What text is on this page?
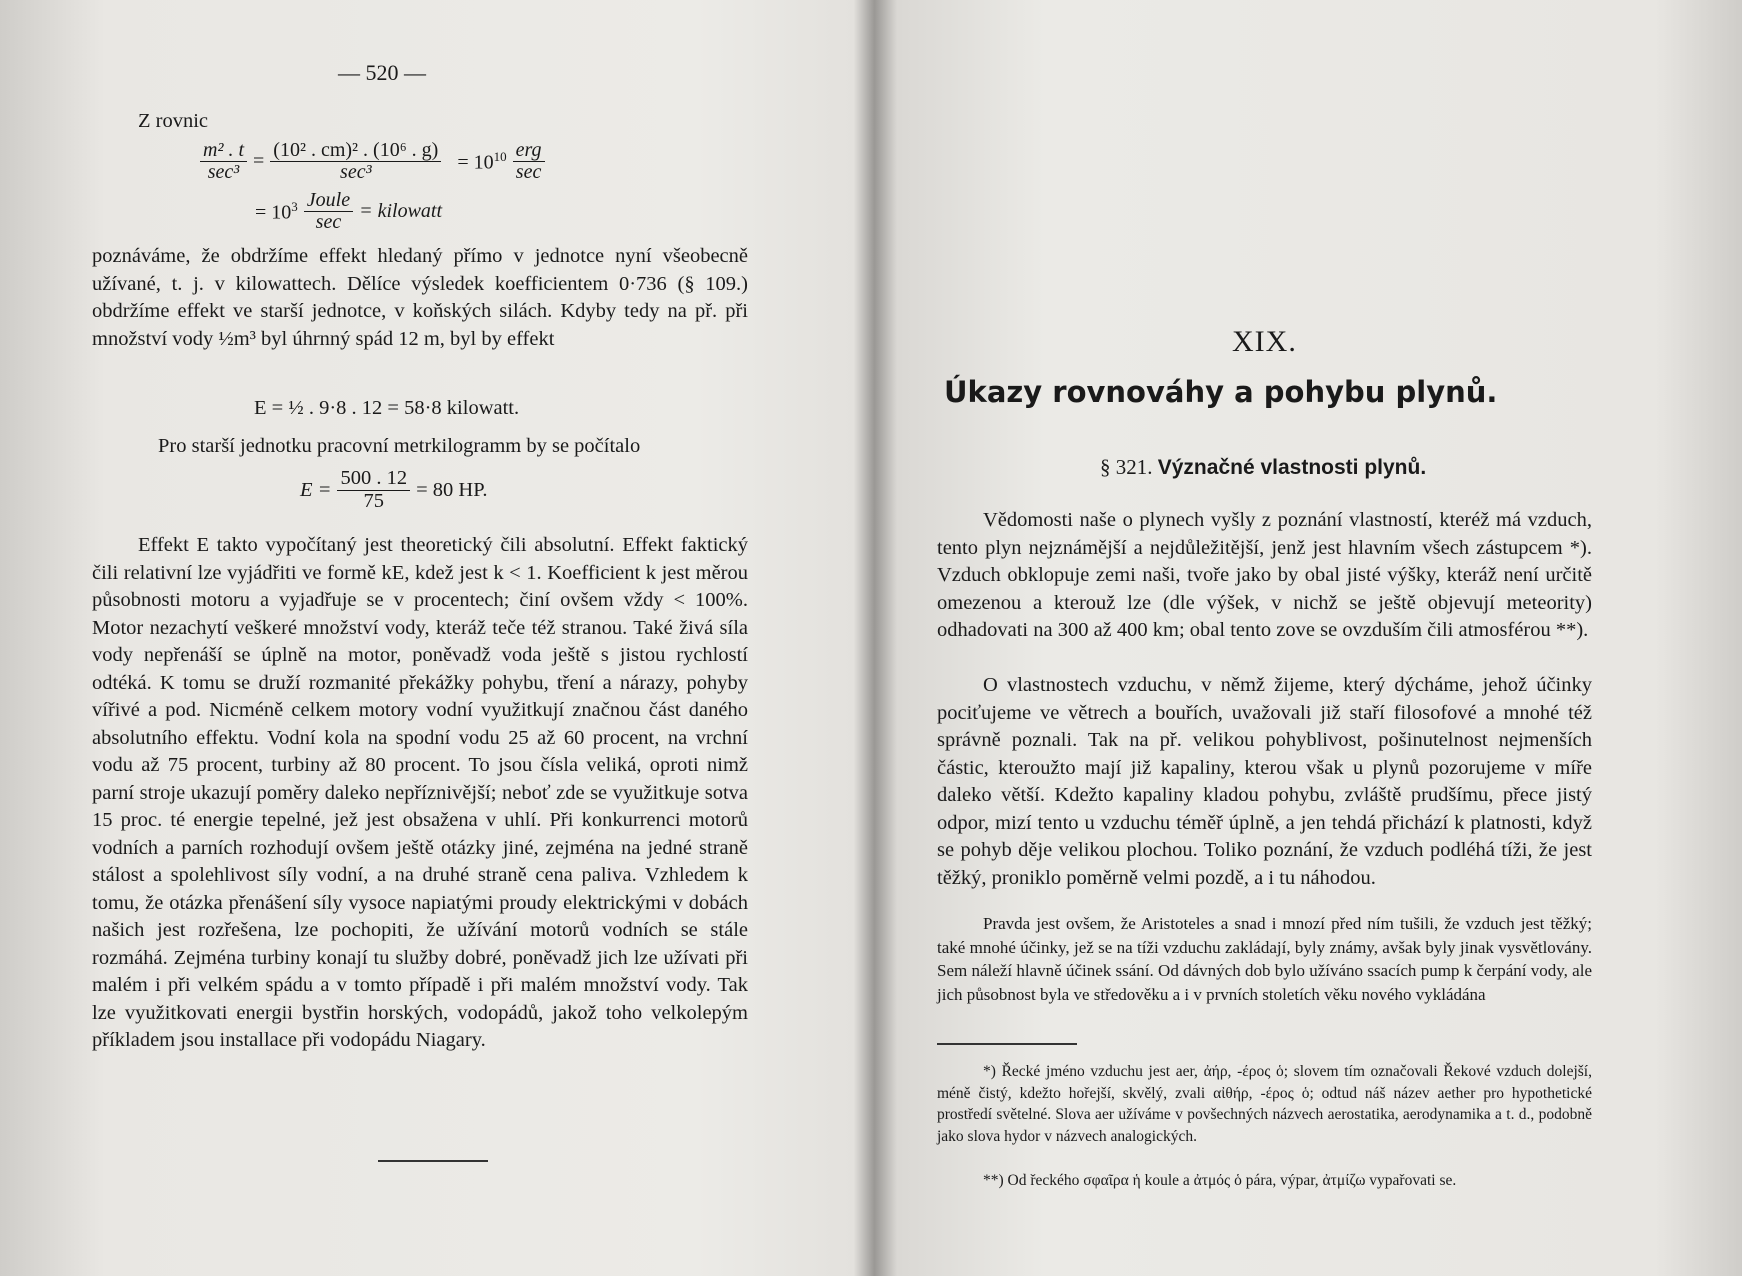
— 520 —
Z rovnic
$\frac{\text{m² . t}}{\text{sec³}} = \frac{\text{(10² . cm)² . (10⁶ . g)}}{\text{sec³}} = 10^{10} \frac{\text{erg}}{\sec}$
= $10^3 \frac{\text{Joule}}{\sec}$ = kilowatt
poznáváme, že obdržíme effekt hledaný přímo v jednotce nyní všeobecně užívané, t. j. v kilowattech. Dělíce výsledek koefficientem 0·736 (§ 109.) obdržíme effekt ve starší jednotce, v koňských silách. Kdyby tedy na př. při množství vody ½m³ byl úhrnný spád 12 m, byl by effekt
E = ½ . 9·8 . 12 = 58·8 kilowatt.
Pro starší jednotku pracovní metrkilogramm by se počítalo
$E = \frac{500 . 12}{75} = 80$ HP.
Effekt E takto vypočítaný jest theoretický čili absolutní. Effekt faktický čili relativní lze vyjádřiti ve formě kE, kdež jest k < 1. Koefficient k jest měrou působnosti motoru a vyjadřuje se v procentech; činí ovšem vždy < 100%. Motor nezachytí veškeré množství vody, kteráž teče též stranou. Také živá síla vody nepřenáší se úplně na motor, poněvadž voda ještě s jistou rychlostí odtéká. K tomu se druží rozmanité překážky pohybu, tření a nárazy, pohyby vířivé a pod. Nicméně celkem motory vodní využitkují značnou část daného absolutního effektu. Vodní kola na spodní vodu 25 až 60 procent, na vrchní vodu až 75 procent, turbiny až 80 procent. To jsou čísla veliká, oproti nimž parní stroje ukazují poměry daleko nepříznivější; neboť zde se využitkuje sotva 15 proc. té energie tepelné, jež jest obsažena v uhlí. Při konkurrenci motorů vodních a parních rozhodují ovšem ještě otázky jiné, zejména na jedné straně stálost a spolehlivost síly vodní, a na druhé straně cena paliva. Vzhledem k tomu, že otázka přenášení síly vysoce napiatými proudy elektrickými v dobách našich jest rozřešena, lze pochopiti, že užívání motorů vodních se stále rozmáhá. Zejména turbiny konají tu služby dobré, poněvadž jich lze užívati při malém i při velkém spádu a v tomto případě i při malém množství vody. Tak lze využitkovati energii bystřin horských, vodopádů, jakož toho velkolepým příkladem jsou installace při vodopádu Niagary.
XIX.
Úkazy rovnováhy a pohybu plynů.
§ 321. Význačné vlastnosti plynů.
Vědomosti naše o plynech vyšly z poznání vlastností, kteréž má vzduch, tento plyn nejznámější a nejdůležitější, jenž jest hlavním všech zástupcem *). Vzduch obklopuje zemi naši, tvoře jako by obal jisté výšky, kteráž není určitě omezenou a kterouž lze (dle výšek, v nichž se ještě objevují meteority) odhadovati na 300 až 400 km; obal tento zove se ovzduším čili atmosférou **).
O vlastnostech vzduchu, v němž žijeme, který dýcháme, jehož účinky pociťujeme ve větrech a bouřích, uvažovali již staří filosofové a mnohé též správně poznali. Tak na př. velikou pohyblivost, pošinutelnost nejmenších částic, kteroužto mají již kapaliny, kterou však u plynů pozorujeme v míře daleko větší. Kdežto kapaliny kladou pohybu, zvláště prudšímu, přece jistý odpor, mizí tento u vzduchu téměř úplně, a jen tehdá přichází k platnosti, když se pohyb děje velikou plochou. Toliko poznání, že vzduch podléhá tíži, že jest těžký, proniklo poměrně velmi pozdě, a i tu náhodou.
Pravda jest ovšem, že Aristoteles a snad i mnozí před ním tušili, že vzduch jest těžký; také mnohé účinky, jež se na tíži vzduchu zakládají, byly známy, avšak byly jinak vysvětlovány. Sem náleží hlavně účinek ssání. Od dávných dob bylo užíváno ssacích pump k čerpání vody, ale jich působnost byla ve středověku a i v prvních stoletích věku nového vykládána
*) Řecké jméno vzduchu jest aer, ἀήρ, -έρος ὁ; slovem tím označovali Řekové vzduch dolejší, méně čistý, kdežto hořejší, skvělý, zvali αἰθήρ, -έρος ὁ; odtud náš název aether pro hypothetické prostředí světelné. Slova aer užíváme v povšechných názvech aerostatika, aerodynamika a t. d., podobně jako slova hydor v názvech analogických.
**) Od řeckého σφαῖρα ἡ koule a ἀτμός ὁ pára, výpar, ἀτμίζω vypařovati se.
